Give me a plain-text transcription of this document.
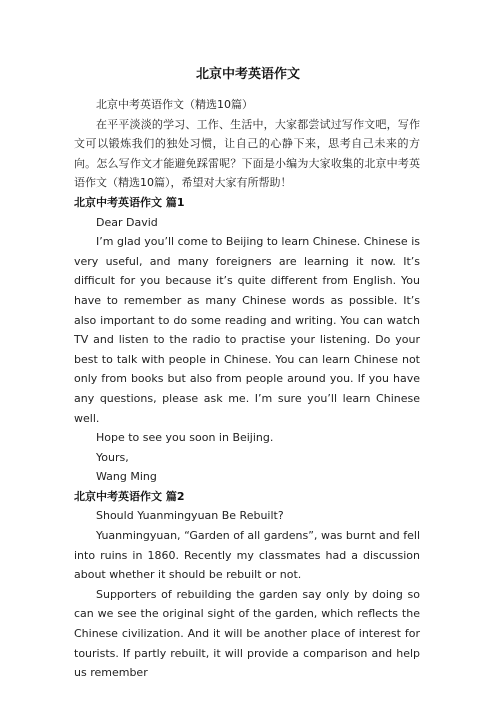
北京中考英语作文

北京中考英语作文（精选10篇）

在平平淡淡的学习、工作、生活中，大家都尝试过写作文吧，写作文可以锻炼我们的独处习惯，让自己的心静下来，思考自己未来的方向。怎么写作文才能避免踩雷呢？下面是小编为大家收集的北京中考英语作文（精选10篇），希望对大家有所帮助！

北京中考英语作文 篇1

Dear David

I’m glad you’ll come to Beijing to learn Chinese. Chinese is very useful, and many foreigners are learning it now. It’s difficult for you because it’s quite different from English. You have to remember as many Chinese words as possible. It’s also important to do some reading and writing. You can watch TV and listen to the radio to practise your listening. Do your best to talk with people in Chinese. You can learn Chinese not only from books but also from people around you. If you have any questions, please ask me. I’m sure you’ll learn Chinese well.

Hope to see you soon in Beijing.

Yours,

Wang Ming

北京中考英语作文 篇2

Should Yuanmingyuan Be Rebuilt?

Yuanmingyuan, “Garden of all gardens”, was burnt and fell into ruins in 1860. Recently my classmates had a discussion about whether it should be rebuilt or not.

Supporters of rebuilding the garden say only by doing so can we see the original sight of the garden, which reflects the Chinese civilization. And it will be another place of interest for tourists. If partly rebuilt, it will provide a comparison and help us remember
